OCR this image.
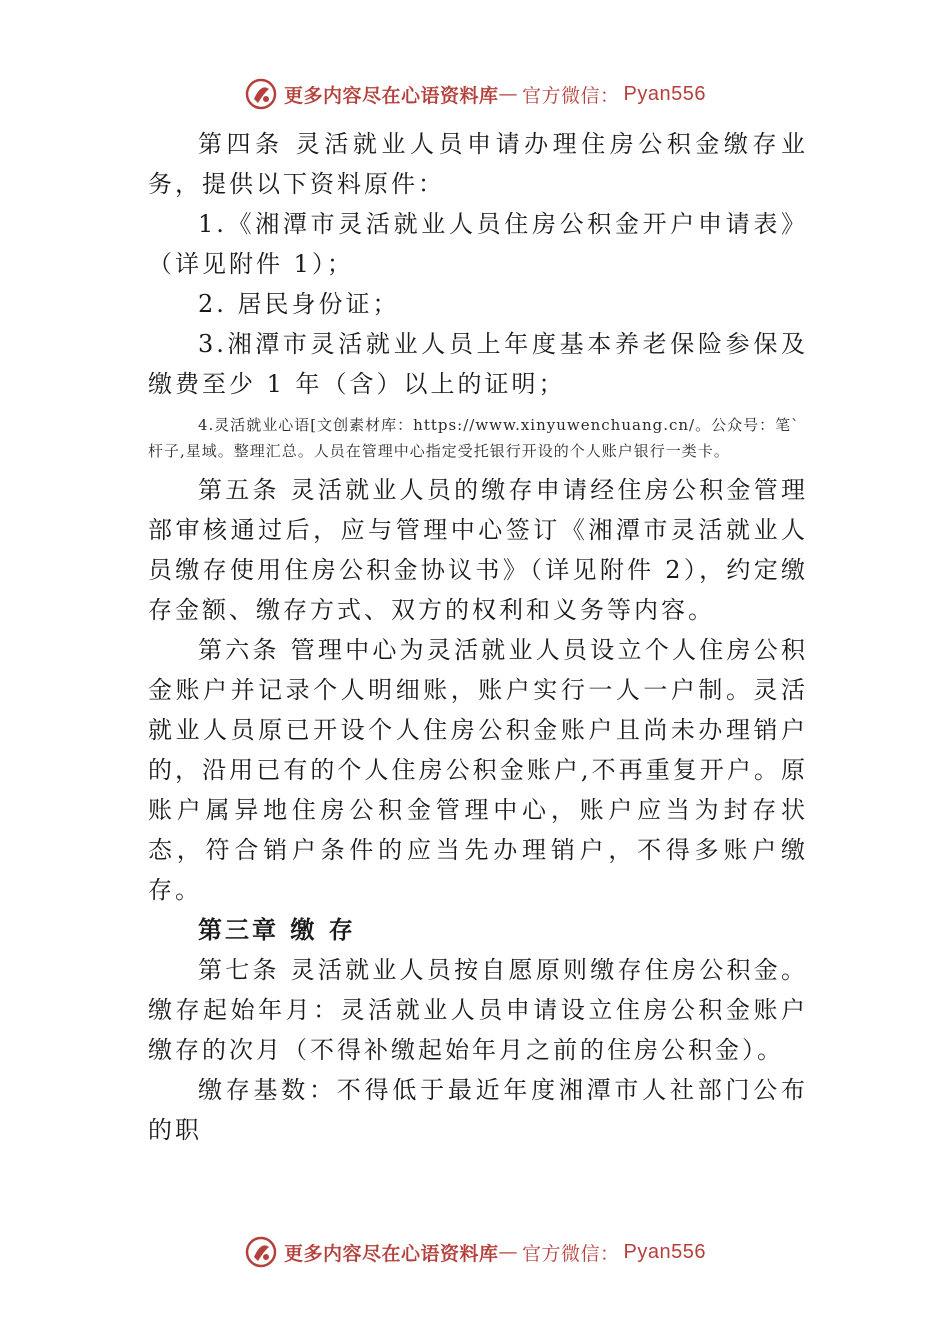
更多内容尽在心语资料库 — 官方微信： Pyan556

第四条 灵活就业人员申请办理住房公积金缴存业务，提供以下资料原件：

1.《湘潭市灵活就业人员住房公积金开户申请表》（详见附件 1）；

2. 居民身份证；

3.湘潭市灵活就业人员上年度基本养老保险参保及缴费至少 1 年（含）以上的证明；

4.灵活就业心语[文创素材库：https://www.xinyuwenchuang.cn/。公众号：笔`杆子,星域。整理汇总。人员在管理中心指定受托银行开设的个人账户银行一类卡。

第五条 灵活就业人员的缴存申请经住房公积金管理部审核通过后，应与管理中心签订《湘潭市灵活就业人员缴存使用住房公积金协议书》（详见附件 2），约定缴存金额、缴存方式、双方的权利和义务等内容。

第六条 管理中心为灵活就业人员设立个人住房公积金账户并记录个人明细账，账户实行一人一户制。灵活就业人员原已开设个人住房公积金账户且尚未办理销户的，沿用已有的个人住房公积金账户,不再重复开户。原账户属异地住房公积金管理中心，账户应当为封存状态，符合销户条件的应当先办理销户，不得多账户缴存。

第三章 缴 存

第七条 灵活就业人员按自愿原则缴存住房公积金。缴存起始年月：灵活就业人员申请设立住房公积金账户缴存的次月（不得补缴起始年月之前的住房公积金）。

缴存基数：不得低于最近年度湘潭市人社部门公布的职

更多内容尽在心语资料库 — 官方微信： Pyan556
